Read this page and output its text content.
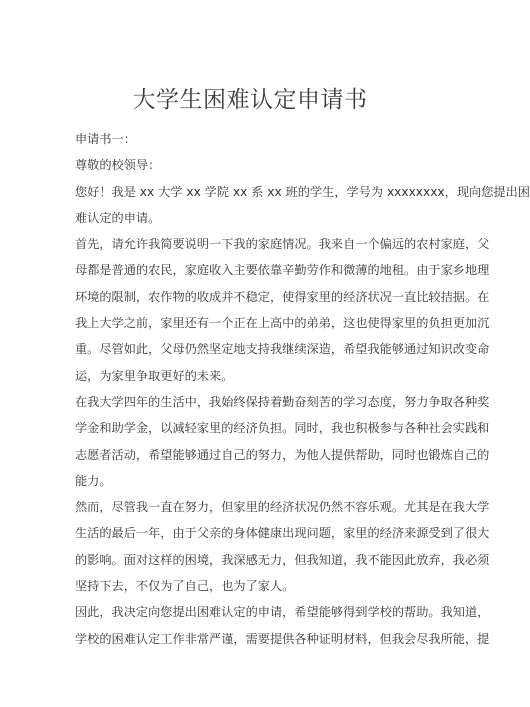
大学生困难认定申请书
申请书一：
尊敬的校领导：
您好！我是 xx 大学 xx 学院 xx 系 xx 班的学生，学号为 xxxxxxxx，现向您提出困
难认定的申请。
首先，请允许我简要说明一下我的家庭情况。我来自一个偏远的农村家庭，父
母都是普通的农民，家庭收入主要依靠辛勤劳作和微薄的地租。由于家乡地理
环境的限制，农作物的收成并不稳定，使得家里的经济状况一直比较拮据。在
我上大学之前，家里还有一个正在上高中的弟弟，这也使得家里的负担更加沉
重。尽管如此，父母仍然坚定地支持我继续深造，希望我能够通过知识改变命
运，为家里争取更好的未来。
在我大学四年的生活中，我始终保持着勤奋刻苦的学习态度，努力争取各种奖
学金和助学金，以减轻家里的经济负担。同时，我也积极参与各种社会实践和
志愿者活动，希望能够通过自己的努力，为他人提供帮助，同时也锻炼自己的
能力。
然而，尽管我一直在努力，但家里的经济状况仍然不容乐观。尤其是在我大学
生活的最后一年，由于父亲的身体健康出现问题，家里的经济来源受到了很大
的影响。面对这样的困境，我深感无力，但我知道，我不能因此放弃，我必须
坚持下去，不仅为了自己，也为了家人。
因此，我决定向您提出困难认定的申请，希望能够得到学校的帮助。我知道，
学校的困难认定工作非常严谨，需要提供各种证明材料，但我会尽我所能，提
